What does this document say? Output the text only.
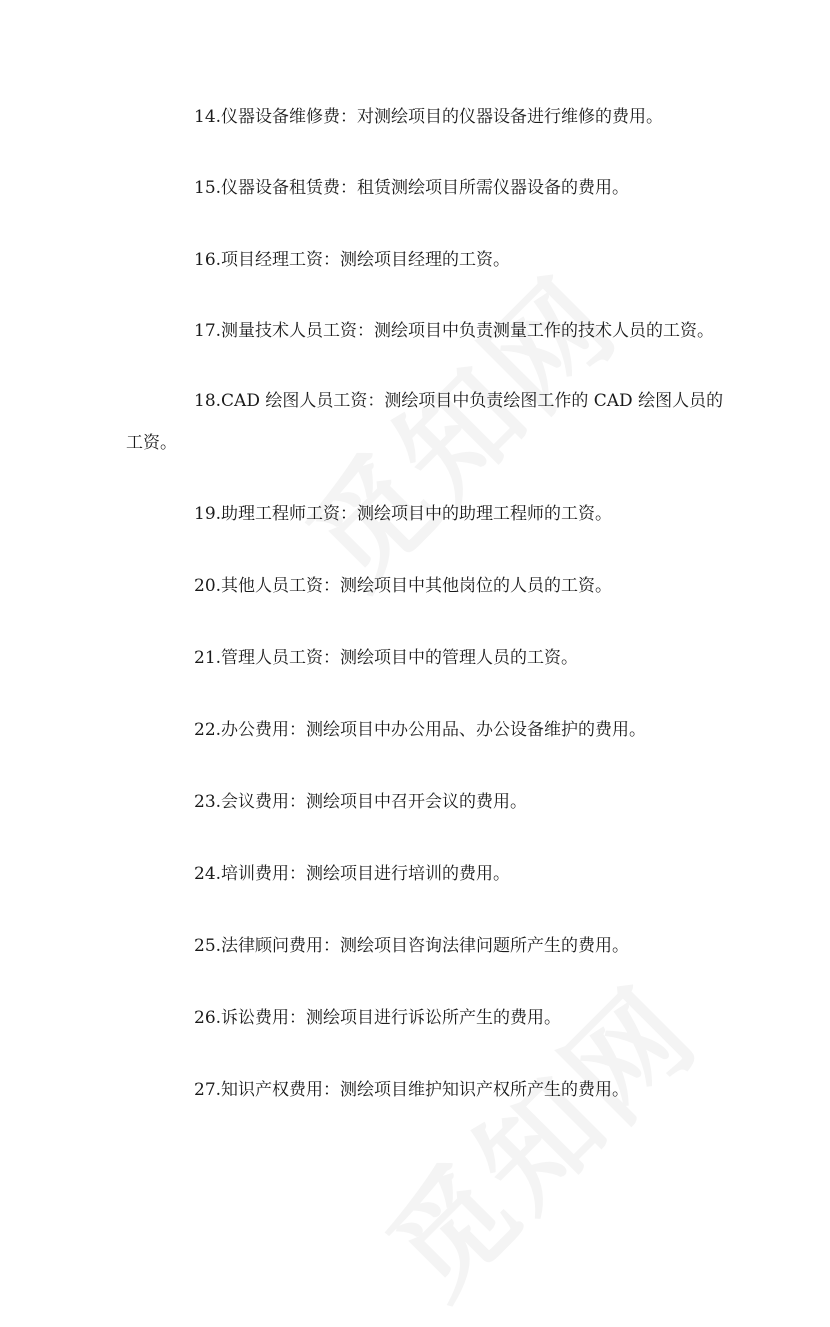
14.仪器设备维修费：对测绘项目的仪器设备进行维修的费用。

15.仪器设备租赁费：租赁测绘项目所需仪器设备的费用。

16.项目经理工资：测绘项目经理的工资。

17.测量技术人员工资：测绘项目中负责测量工作的技术人员的工资。

18.CAD 绘图人员工资：测绘项目中负责绘图工作的 CAD 绘图人员的工资。

19.助理工程师工资：测绘项目中的助理工程师的工资。

20.其他人员工资：测绘项目中其他岗位的人员的工资。

21.管理人员工资：测绘项目中的管理人员的工资。

22.办公费用：测绘项目中办公用品、办公设备维护的费用。

23.会议费用：测绘项目中召开会议的费用。

24.培训费用：测绘项目进行培训的费用。

25.法律顾问费用：测绘项目咨询法律问题所产生的费用。

26.诉讼费用：测绘项目进行诉讼所产生的费用。

27.知识产权费用：测绘项目维护知识产权所产生的费用。
